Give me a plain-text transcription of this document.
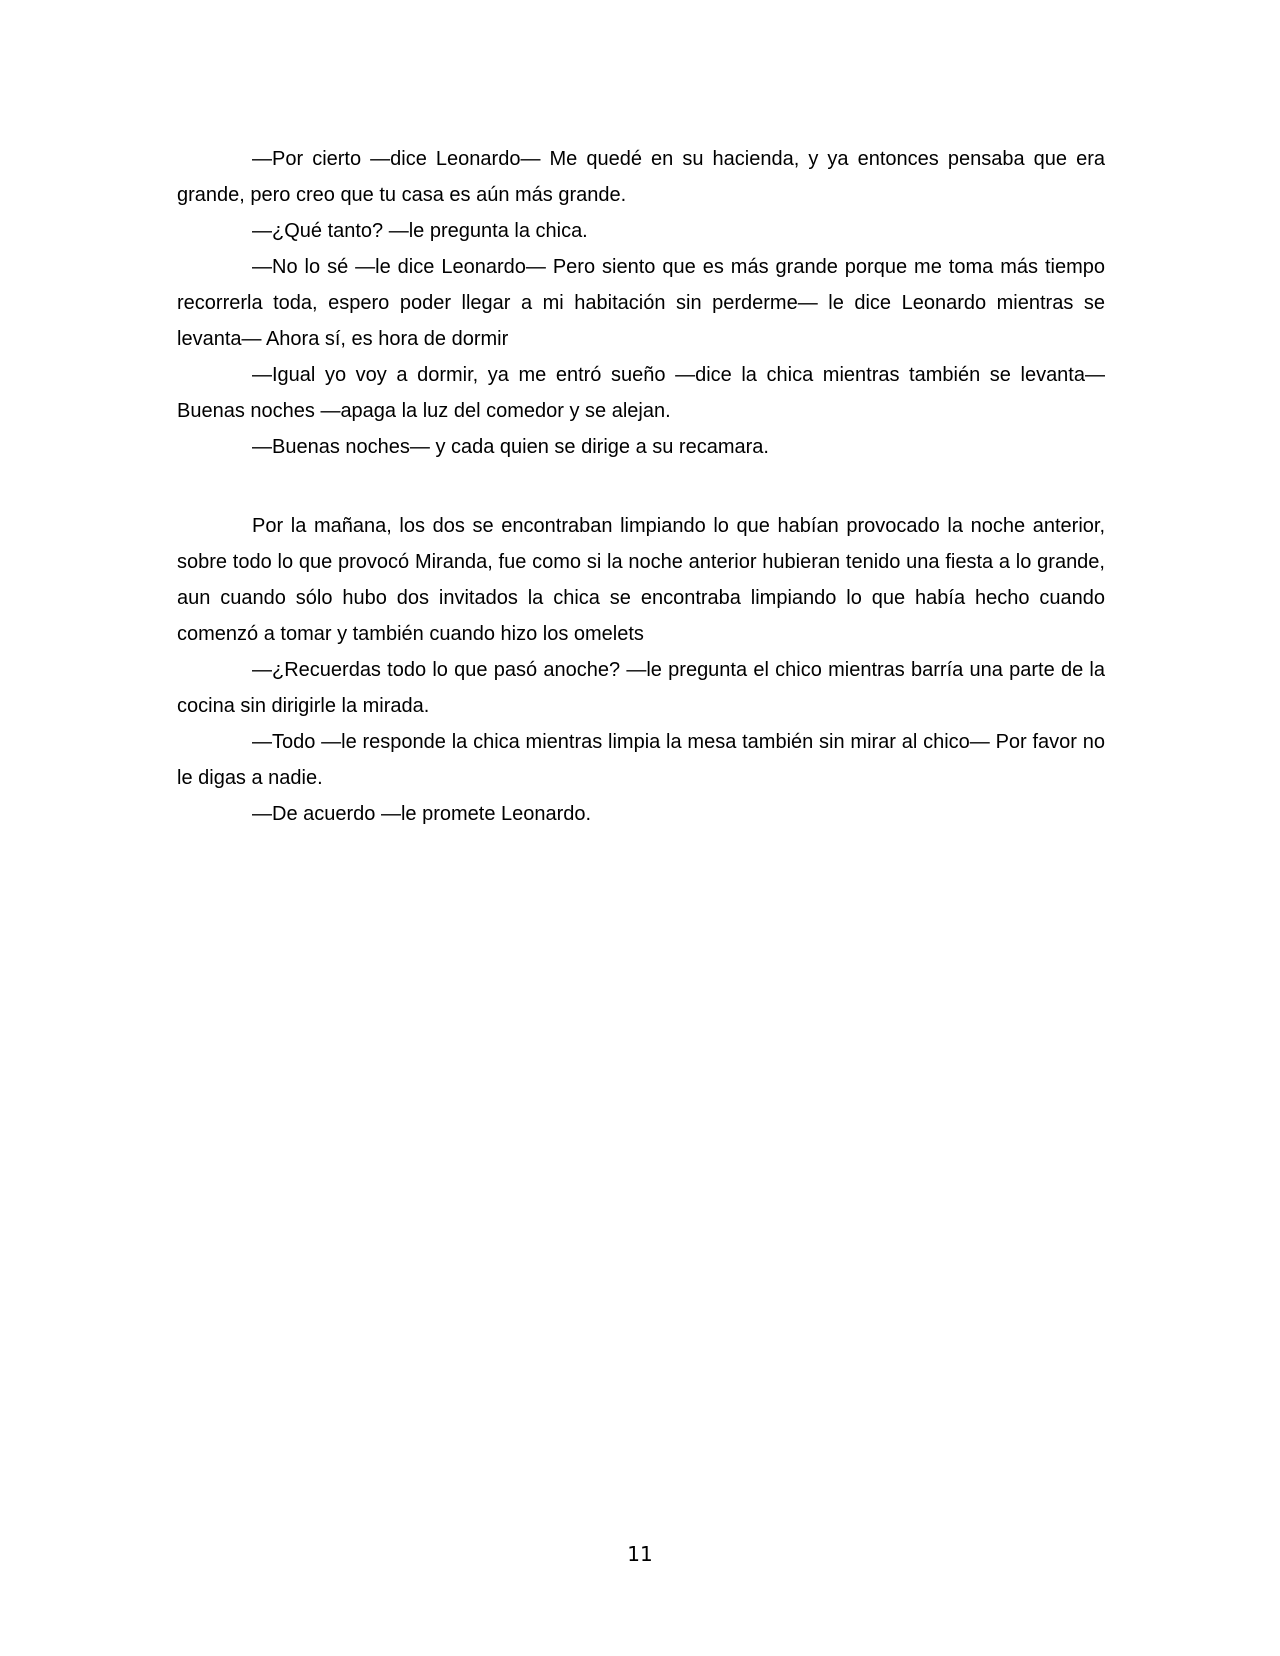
—Por cierto —dice Leonardo— Me quedé en su hacienda, y ya entonces pensaba que era grande, pero creo que tu casa es aún más grande.

—¿Qué tanto? —le pregunta la chica.

—No lo sé —le dice Leonardo— Pero siento que es más grande porque me toma más tiempo recorrerla toda, espero poder llegar a mi habitación sin perderme— le dice Leonardo mientras se levanta— Ahora sí, es hora de dormir

—Igual yo voy a dormir, ya me entró sueño —dice la chica mientras también se levanta— Buenas noches —apaga la luz del comedor y se alejan.

—Buenas noches— y cada quien se dirige a su recamara.

Por la mañana, los dos se encontraban limpiando lo que habían provocado la noche anterior, sobre todo lo que provocó Miranda, fue como si la noche anterior hubieran tenido una fiesta a lo grande, aun cuando sólo hubo dos invitados la chica se encontraba limpiando lo que había hecho cuando comenzó a tomar y también cuando hizo los omelets

—¿Recuerdas todo lo que pasó anoche? —le pregunta el chico mientras barría una parte de la cocina sin dirigirle la mirada.

—Todo —le responde la chica mientras limpia la mesa también sin mirar al chico— Por favor no le digas a nadie.

—De acuerdo —le promete Leonardo.

11
